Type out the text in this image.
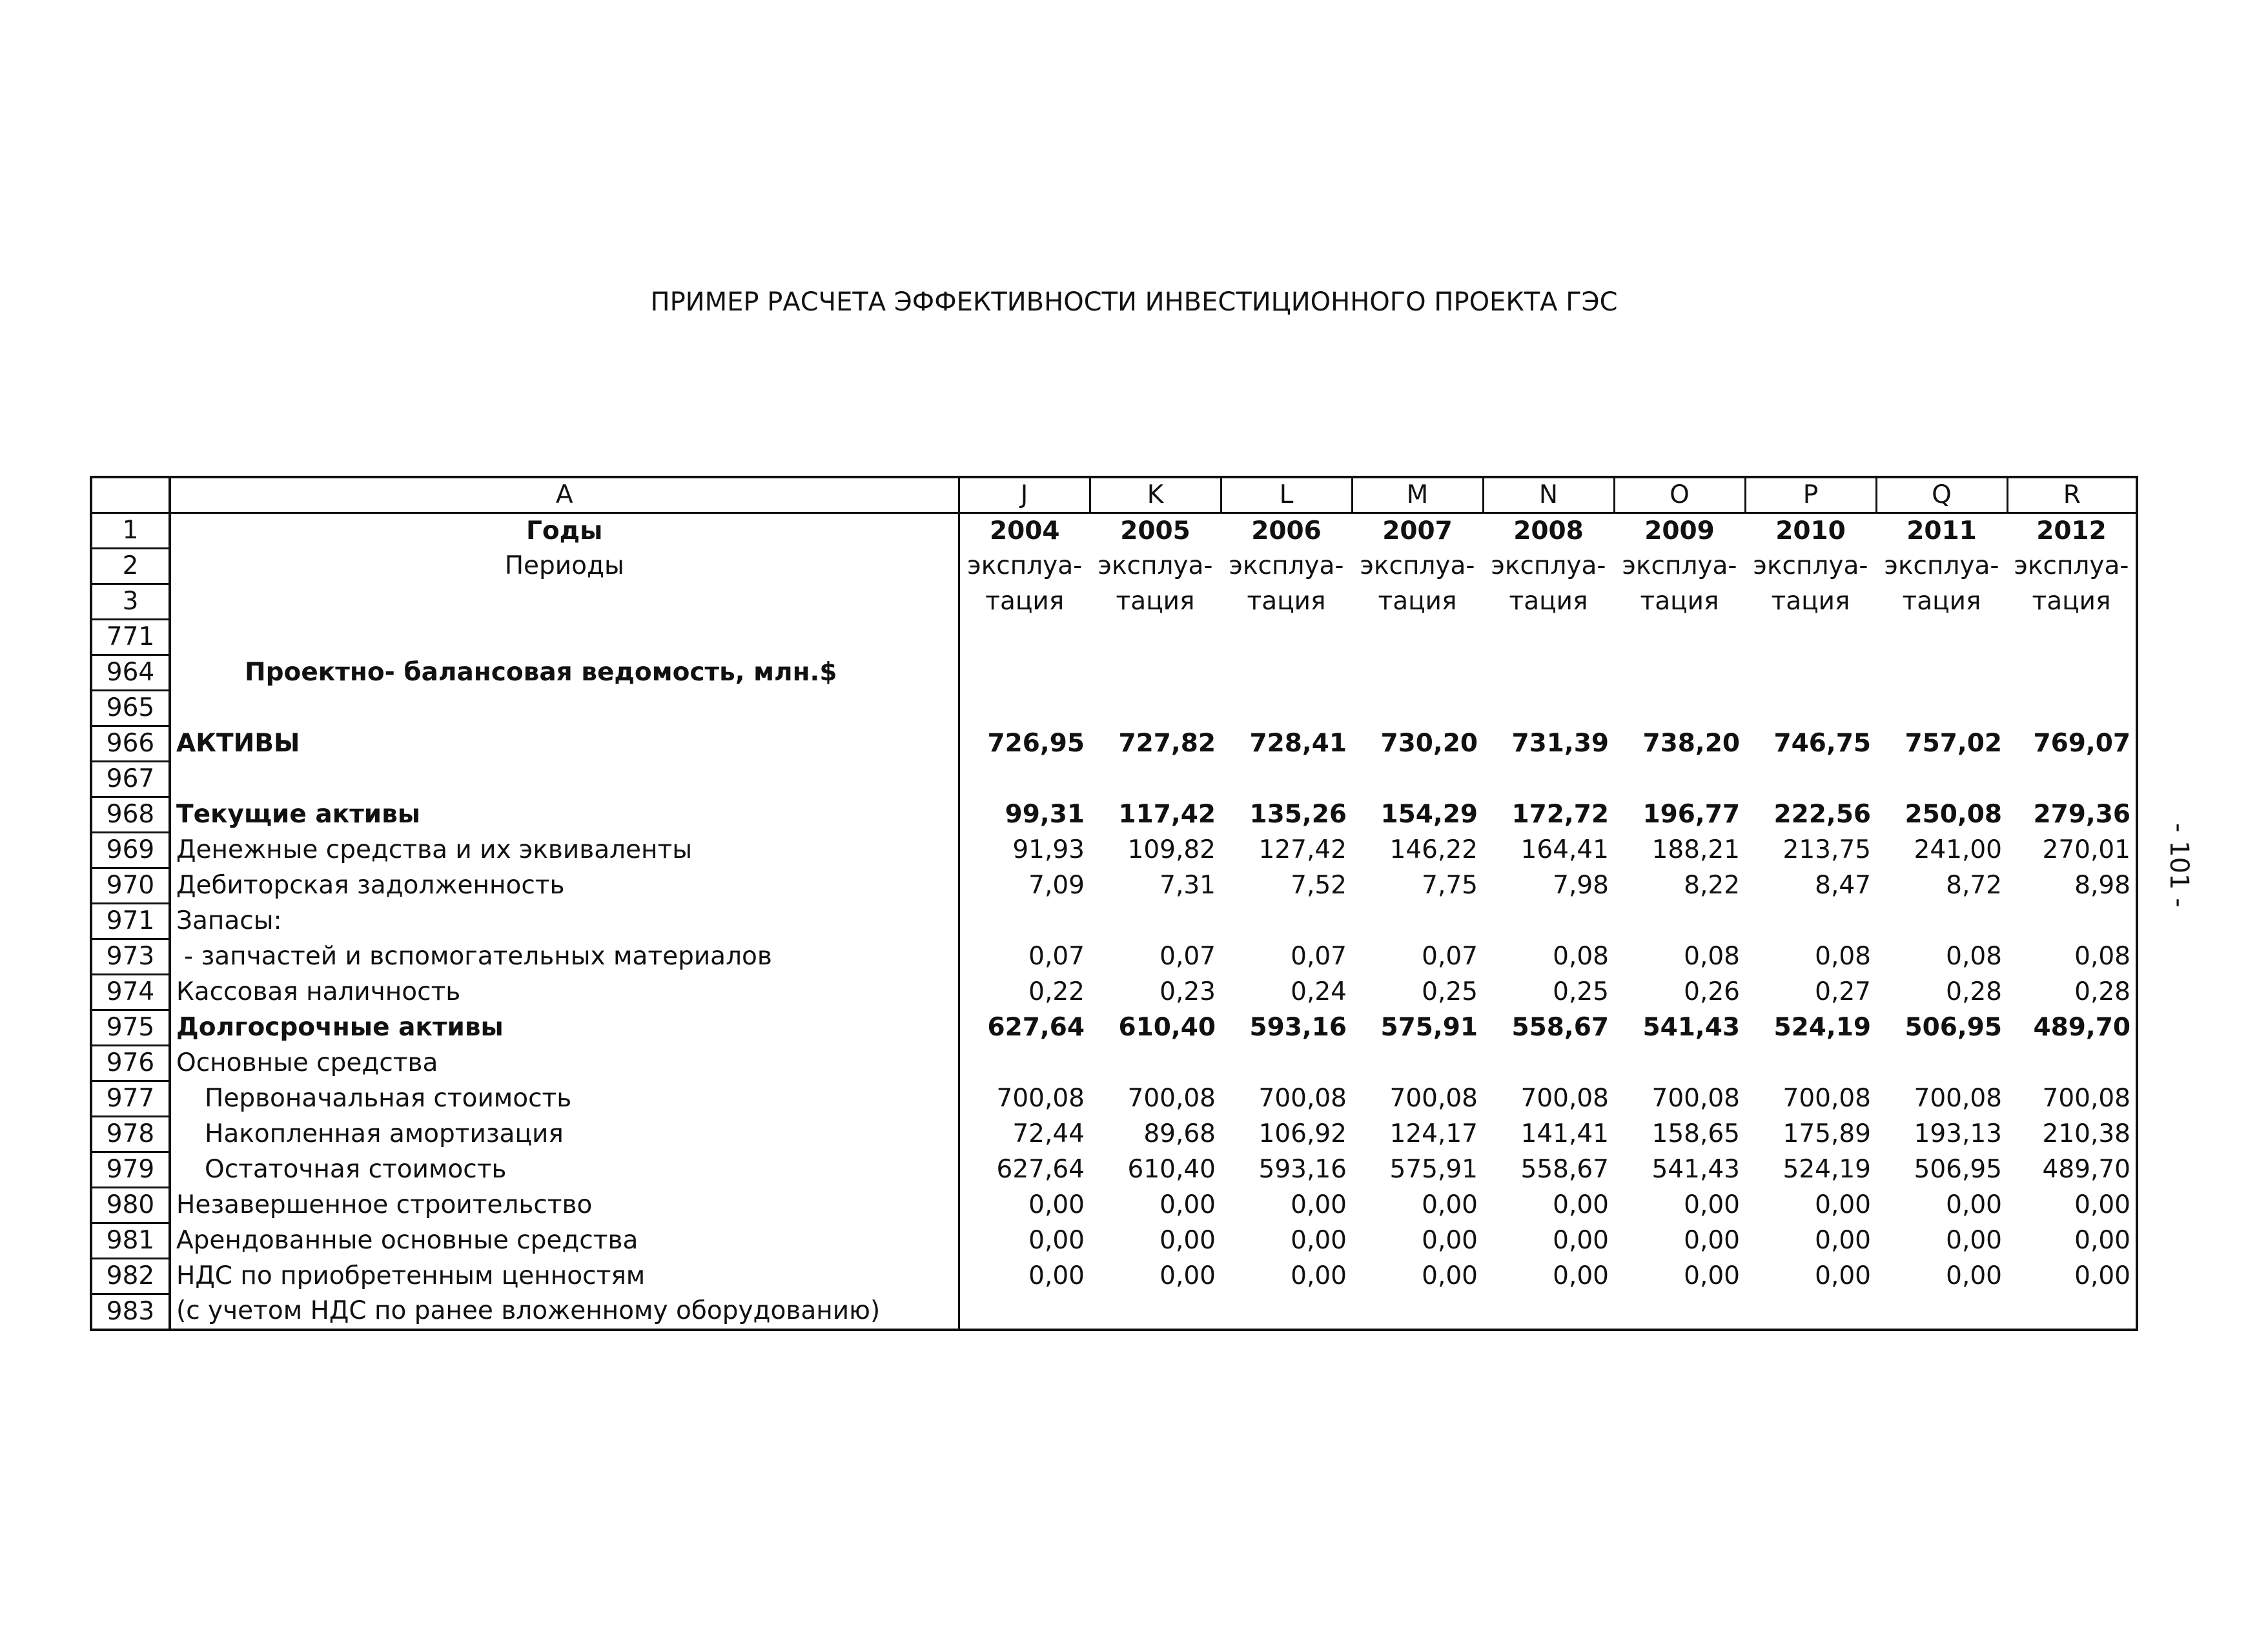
ПРИМЕР РАСЧЕТА ЭФФЕКТИВНОСТИ ИНВЕСТИЦИОННОГО ПРОЕКТА ГЭС
	A	J	K	L	M	N	O	P	Q	R
1	Годы	2004	2005	2006	2007	2008	2009	2010	2011	2012
2	Периоды	эксплуа-	эксплуа-	эксплуа-	эксплуа-	эксплуа-	эксплуа-	эксплуа-	эксплуа-	эксплуа-
3		тация	тация	тация	тация	тация	тация	тация	тация	тация
771										
964	Проектно- балансовая ведомость, млн.$									
965										
966	АКТИВЫ	726,95	727,82	728,41	730,20	731,39	738,20	746,75	757,02	769,07
967										
968	Текущие активы	99,31	117,42	135,26	154,29	172,72	196,77	222,56	250,08	279,36
969	Денежные средства и их эквиваленты	91,93	109,82	127,42	146,22	164,41	188,21	213,75	241,00	270,01
970	Дебиторская задолженность	7,09	7,31	7,52	7,75	7,98	8,22	8,47	8,72	8,98
971	Запасы:									
973	- запчастей и вспомогательных материалов	0,07	0,07	0,07	0,07	0,08	0,08	0,08	0,08	0,08
974	Кассовая наличность	0,22	0,23	0,24	0,25	0,25	0,26	0,27	0,28	0,28
975	Долгосрочные активы	627,64	610,40	593,16	575,91	558,67	541,43	524,19	506,95	489,70
976	Основные средства									
977	Первоначальная стоимость	700,08	700,08	700,08	700,08	700,08	700,08	700,08	700,08	700,08
978	Накопленная амортизация	72,44	89,68	106,92	124,17	141,41	158,65	175,89	193,13	210,38
979	Остаточная стоимость	627,64	610,40	593,16	575,91	558,67	541,43	524,19	506,95	489,70
980	Незавершенное строительство	0,00	0,00	0,00	0,00	0,00	0,00	0,00	0,00	0,00
981	Арендованные основные средства	0,00	0,00	0,00	0,00	0,00	0,00	0,00	0,00	0,00
982	НДС по приобретенным ценностям	0,00	0,00	0,00	0,00	0,00	0,00	0,00	0,00	0,00
983	(с учетом НДС по ранее вложенному оборудованию)									
- 101 -
